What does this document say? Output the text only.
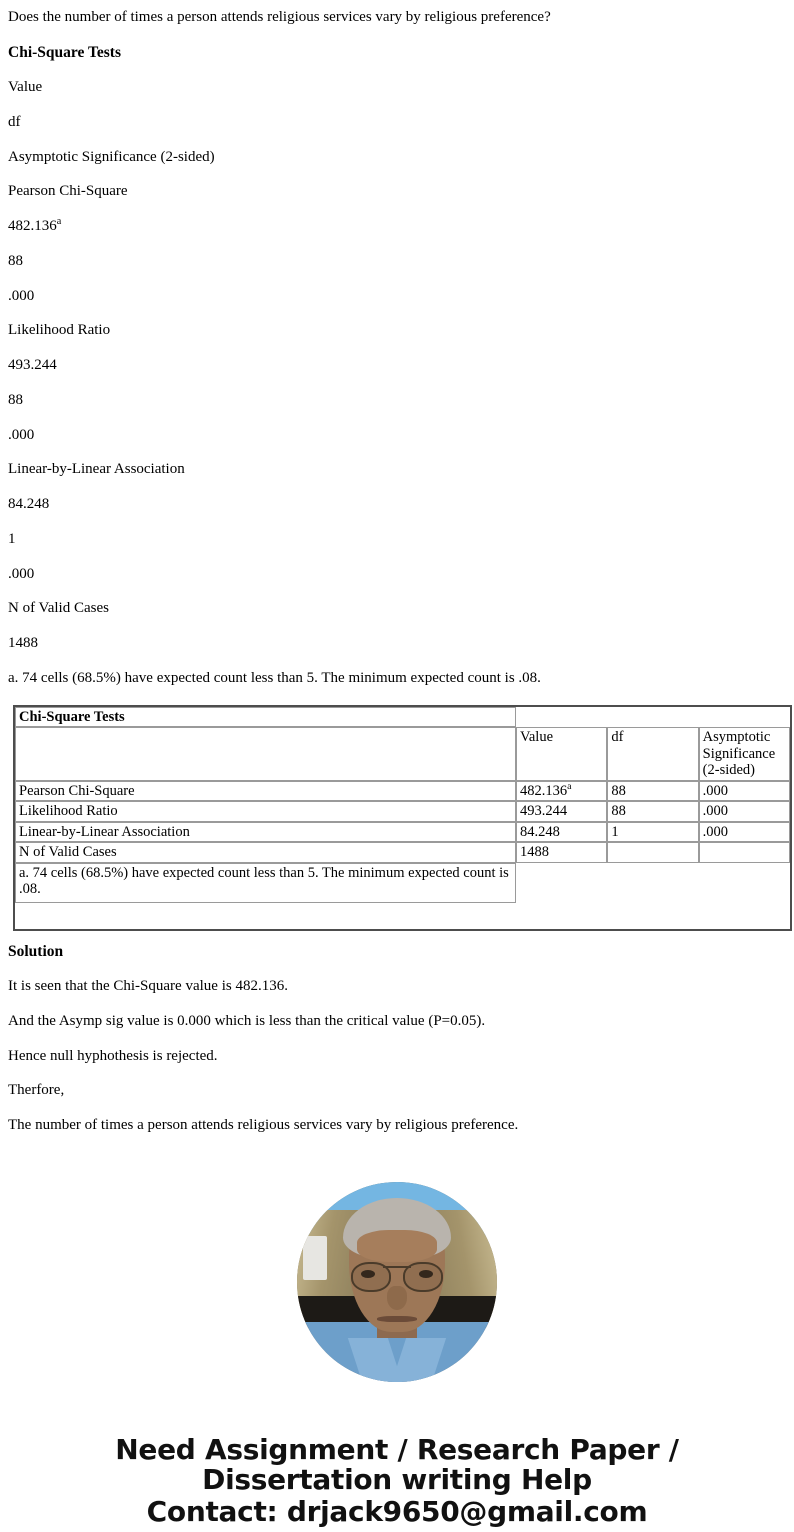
Does the number of times a person attends religious services vary by religious preference?

Chi-Square Tests

Value

df

Asymptotic Significance (2-sided)

Pearson Chi-Square

482.136$^a$

88

.000

Likelihood Ratio

493.244

88

.000

Linear-by-Linear Association

84.248

1

.000

N of Valid Cases

1488

a. 74 cells (68.5%) have expected count less than 5. The minimum expected count is .08.

Chi-Square Tests			
	Value	df	Asymptotic Significance (2-sided)
Pearson Chi-Square	482.136$^a$	88	.000
Likelihood Ratio	493.244	88	.000
Linear-by-Linear Association	84.248	1	.000
N of Valid Cases	1488		
a. 74 cells (68.5%) have expected count less than 5. The minimum expected count is .08.			

Solution

It is seen that the Chi-Square value is 482.136.

And the Asymp sig value is 0.000 which is less than the critical value (P=0.05).

Hence null hyphothesis is rejected.

Therfore,

The number of times a person attends religious services vary by religious preference.

Need Assignment / Research Paper / Dissertation writing Help
Contact: drjack9650@gmail.com
